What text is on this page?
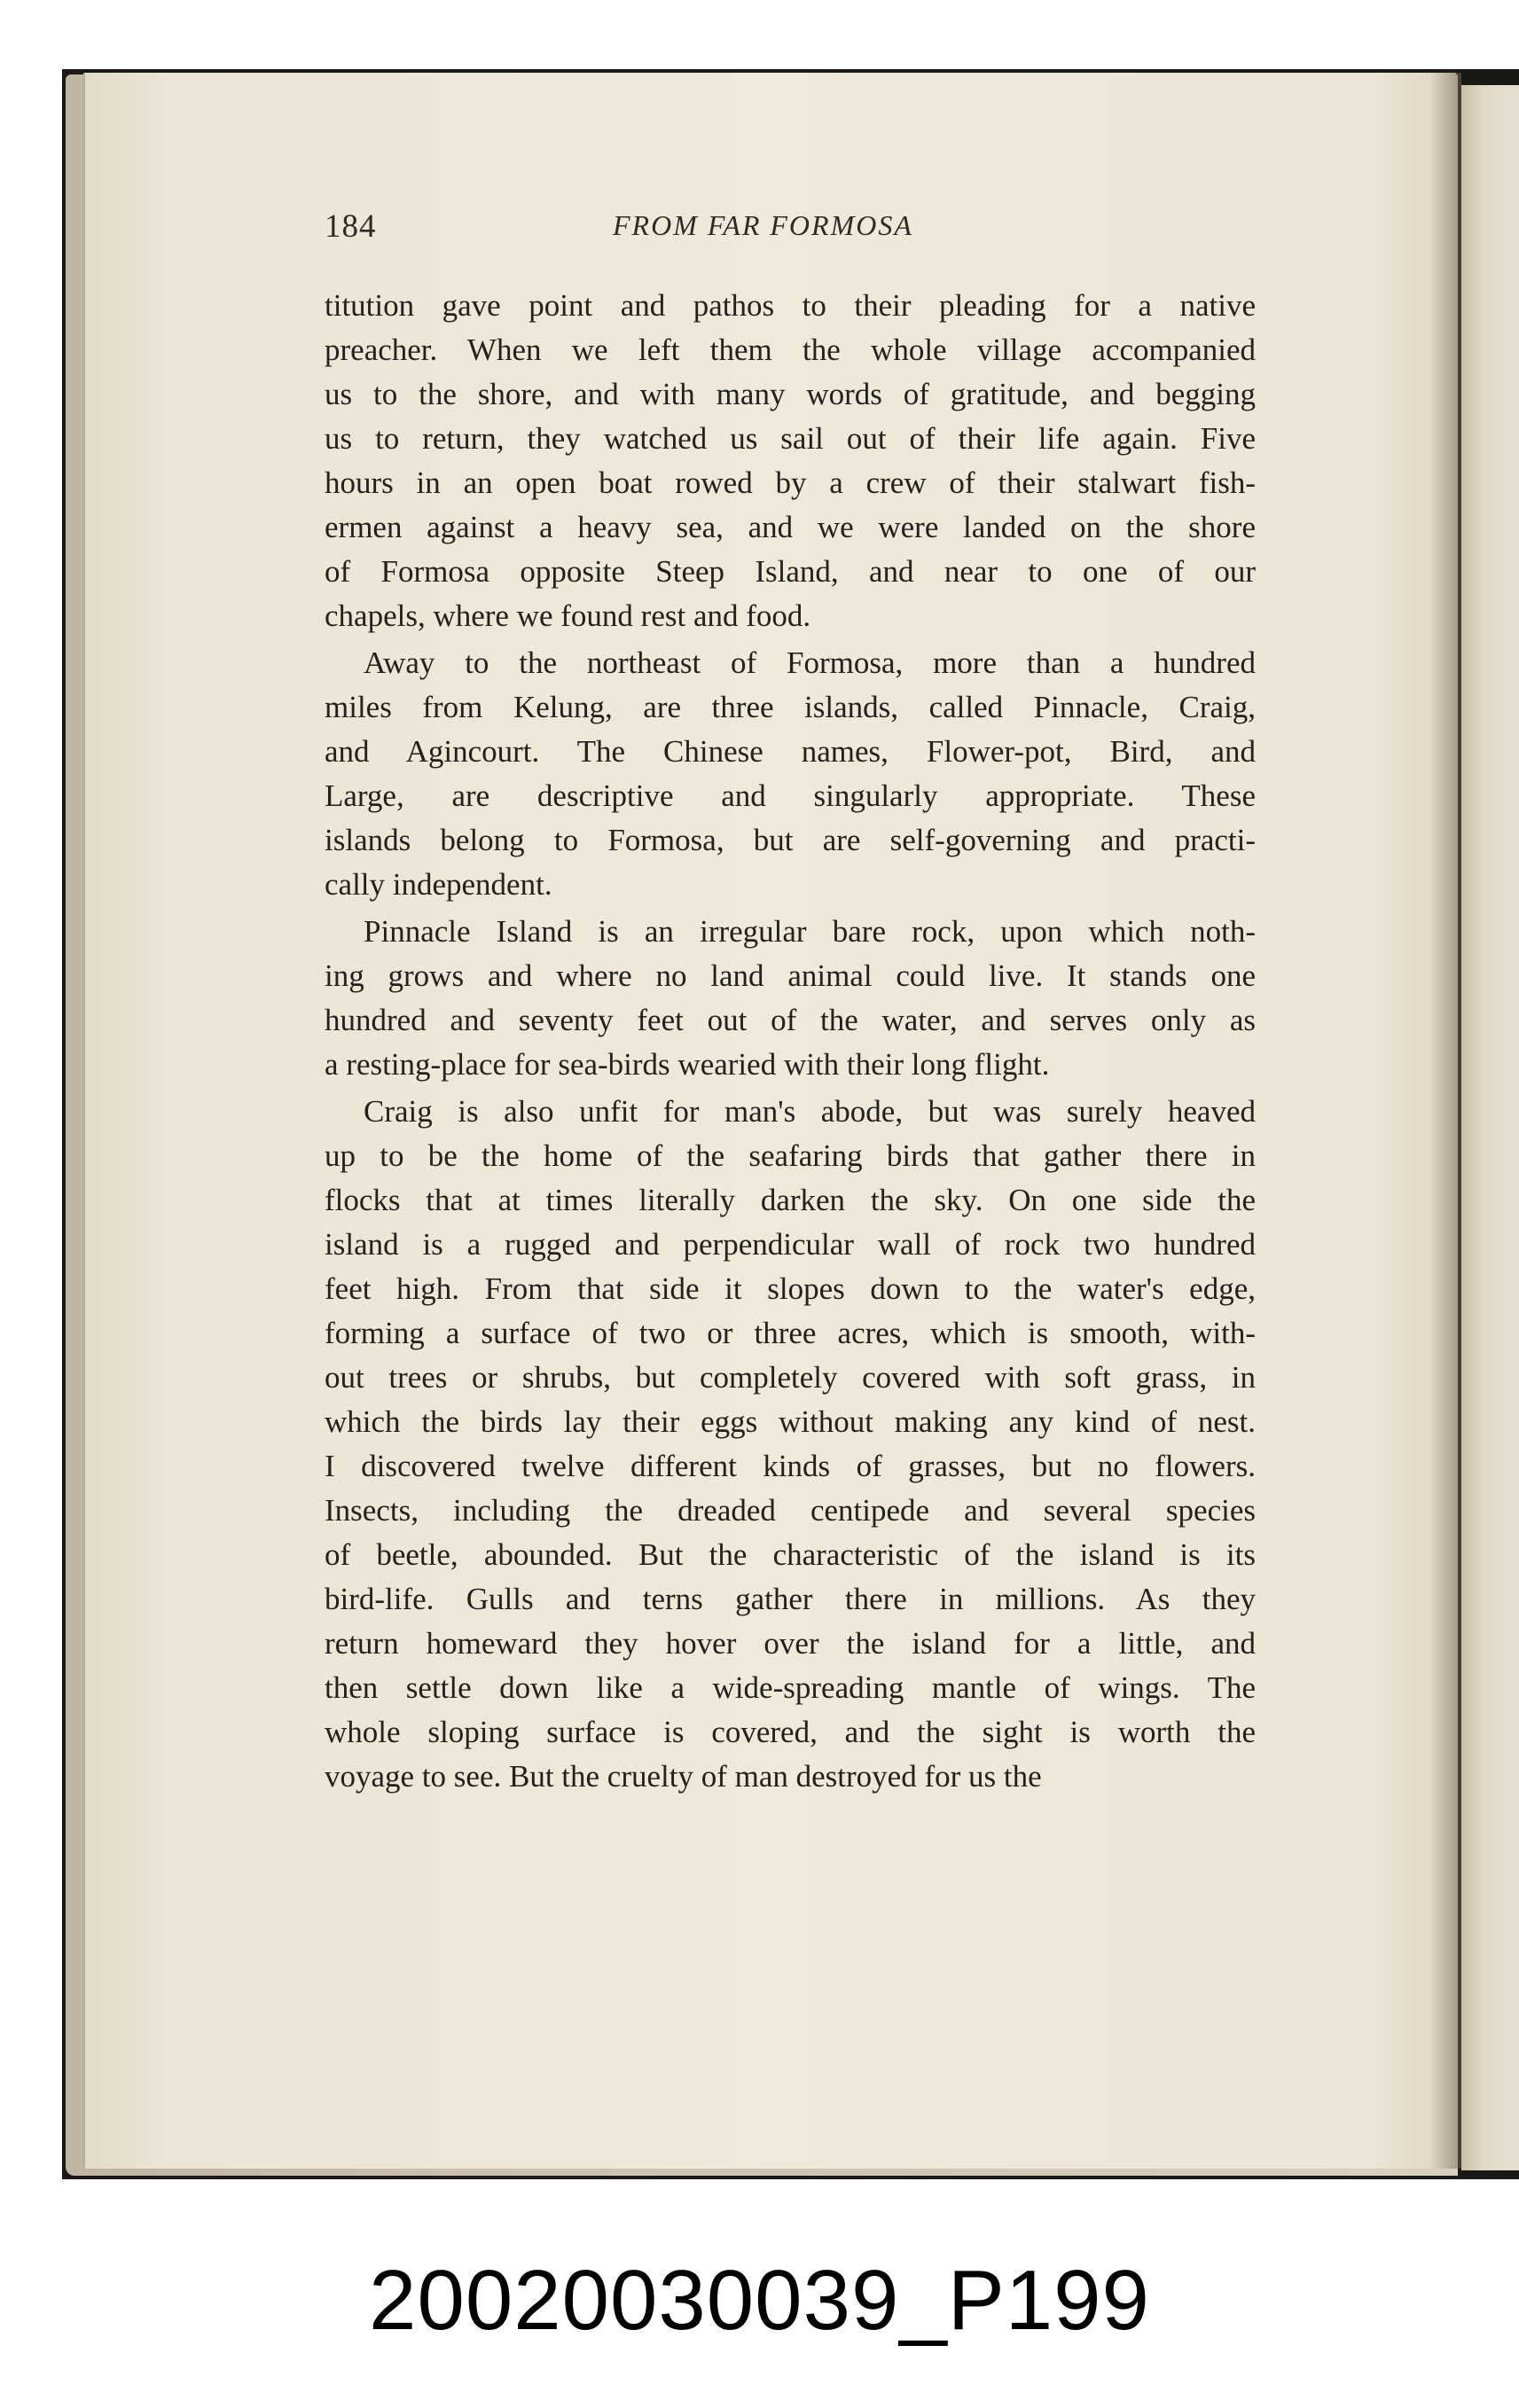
184	FROM FAR FORMOSA

titution gave point and pathos to their pleading for a native
preacher. When we left them the whole village accompanied
us to the shore, and with many words of gratitude, and begging
us to return, they watched us sail out of their life again. Five
hours in an open boat rowed by a crew of their stalwart fish-
ermen against a heavy sea, and we were landed on the shore
of Formosa opposite Steep Island, and near to one of our
chapels, where we found rest and food.

Away to the northeast of Formosa, more than a hundred
miles from Kelung, are three islands, called Pinnacle, Craig,
and Agincourt. The Chinese names, Flower-pot, Bird, and
Large, are descriptive and singularly appropriate. These
islands belong to Formosa, but are self-governing and practi-
cally independent.

Pinnacle Island is an irregular bare rock, upon which noth-
ing grows and where no land animal could live. It stands one
hundred and seventy feet out of the water, and serves only as
a resting-place for sea-birds wearied with their long flight.

Craig is also unfit for man's abode, but was surely heaved
up to be the home of the seafaring birds that gather there in
flocks that at times literally darken the sky. On one side the
island is a rugged and perpendicular wall of rock two hundred
feet high. From that side it slopes down to the water's edge,
forming a surface of two or three acres, which is smooth, with-
out trees or shrubs, but completely covered with soft grass, in
which the birds lay their eggs without making any kind of nest.
I discovered twelve different kinds of grasses, but no flowers.
Insects, including the dreaded centipede and several species
of beetle, abounded. But the characteristic of the island is its
bird-life. Gulls and terns gather there in millions. As they
return homeward they hover over the island for a little, and
then settle down like a wide-spreading mantle of wings. The
whole sloping surface is covered, and the sight is worth the
voyage to see. But the cruelty of man destroyed for us the

20020030039_P199
